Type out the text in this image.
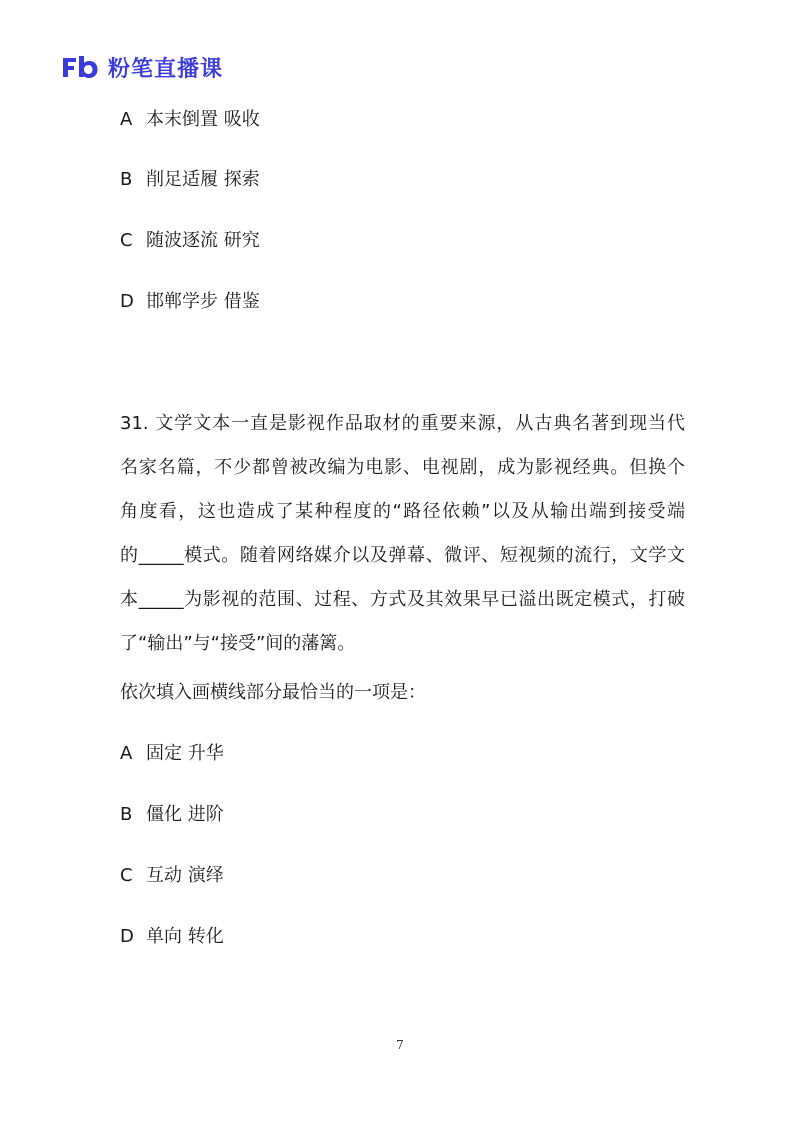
粉笔直播课
A 本末倒置 吸收
B 削足适履 探索
C 随波逐流 研究
D 邯郸学步 借鉴
31. 文学文本一直是影视作品取材的重要来源，从古典名著到现当代
名家名篇，不少都曾被改编为电影、电视剧，成为影视经典。但换个
角度看，这也造成了某种程度的“路径依赖”以及从输出端到接受端
的_____模式。随着网络媒介以及弹幕、微评、短视频的流行，文学文
本_____为影视的范围、过程、方式及其效果早已溢出既定模式，打破
了“输出”与“接受”间的藩篱。
依次填入画横线部分最恰当的一项是：
A 固定 升华
B 僵化 进阶
C 互动 演绎
D 单向 转化
7
